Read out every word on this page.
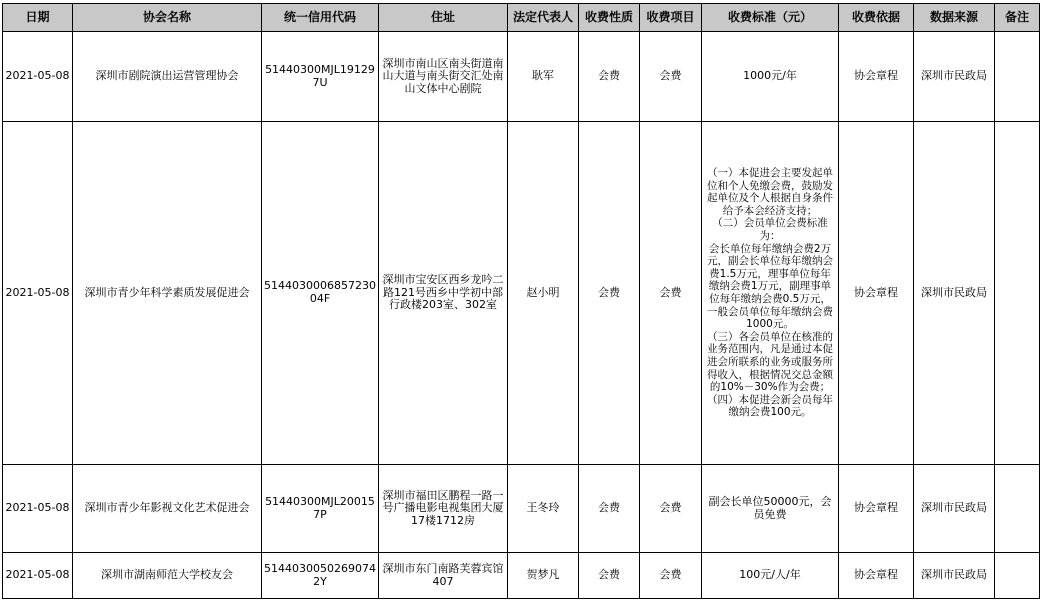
日期	协会名称	统一信用代码	住址	法定代表人	收费性质	收费项目	收费标准（元）	收费依据	数据来源	备注
2021-05-08	深圳市剧院演出运营管理协会	51440300MJL191297U	深圳市南山区南头街道南山大道与南头街交汇处南山文体中心剧院	耿军	会费	会费	1000元/年	协会章程	深圳市民政局	
2021-05-08	深圳市青少年科学素质发展促进会	514403000685723004F	深圳市宝安区西乡龙吟二路121号西乡中学初中部行政楼203室、302室	赵小明	会费	会费	（一）本促进会主要发起单位和个人免缴会费，鼓励发起单位及个人根据自身条件给予本会经济支持；
（二）会员单位会费标准为：
会长单位每年缴纳会费2万元，副会长单位每年缴纳会费1.5万元，理事单位每年缴纳会费1万元，副理事单位每年缴纳会费0.5万元，一般会员单位每年缴纳会费1000元。
（三）各会员单位在核准的业务范围内，凡是通过本促进会所联系的业务或服务所得收入，根据情况交总金额的10%－30%作为会费；
（四）本促进会新会员每年缴纳会费100元。	协会章程	深圳市民政局	
2021-05-08	深圳市青少年影视文化艺术促进会	51440300MJL200157P	深圳市福田区鹏程一路一号广播电影电视集团大厦17楼1712房	王冬玲	会费	会费	副会长单位50000元，会员免费	协会章程	深圳市民政局	
2021-05-08	深圳市湖南师范大学校友会	51440300502690742Y	深圳市东门南路芙蓉宾馆407	贺梦凡	会费	会费	100元/人/年	协会章程	深圳市民政局	
